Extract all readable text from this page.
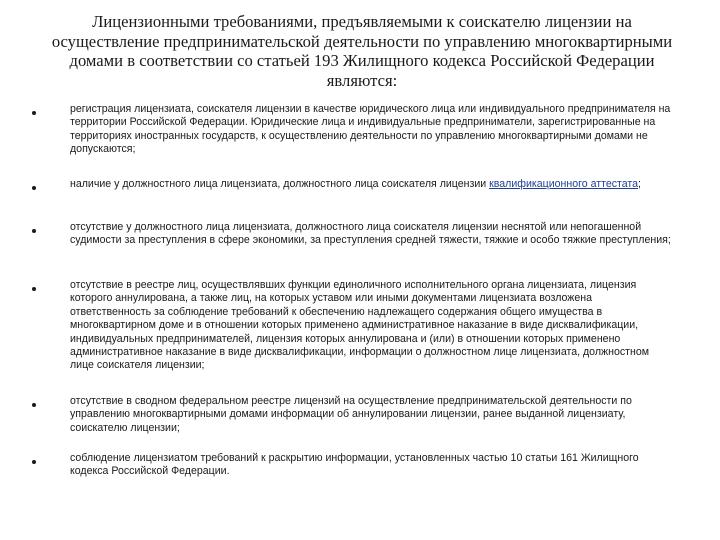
Лицензионными требованиями, предъявляемыми к соискателю лицензии на осуществление предпринимательской деятельности по управлению многоквартирными домами в соответствии со статьей 193 Жилищного кодекса Российской Федерации являются:
регистрация лицензиата, соискателя лицензии в качестве юридического лица или индивидуального предпринимателя на территории Российской Федерации. Юридические лица и индивидуальные предприниматели, зарегистрированные на территориях иностранных государств, к осуществлению деятельности по управлению многоквартирными домами не допускаются;
наличие у должностного лица лицензиата, должностного лица соискателя лицензии квалификационного аттестата;
отсутствие у должностного лица лицензиата, должностного лица соискателя лицензии неснятой или непогашенной судимости за преступления в сфере экономики, за преступления средней тяжести, тяжкие и особо тяжкие преступления;
отсутствие в реестре лиц, осуществлявших функции единоличного исполнительного органа лицензиата, лицензия которого аннулирована, а также лиц, на которых уставом или иными документами лицензиата возложена ответственность за соблюдение требований к обеспечению надлежащего содержания общего имущества в многоквартирном доме и в отношении которых применено административное наказание в виде дисквалификации, индивидуальных предпринимателей, лицензия которых аннулирована и (или) в отношении которых применено административное наказание в виде дисквалификации, информации о должностном лице лицензиата, должностном лице соискателя лицензии;
отсутствие в сводном федеральном реестре лицензий на осуществление предпринимательской деятельности по управлению многоквартирными домами информации об аннулировании лицензии, ранее выданной лицензиату, соискателю лицензии;
соблюдение лицензиатом требований к раскрытию информации, установленных частью 10 статьи 161 Жилищного кодекса Российской Федерации.
